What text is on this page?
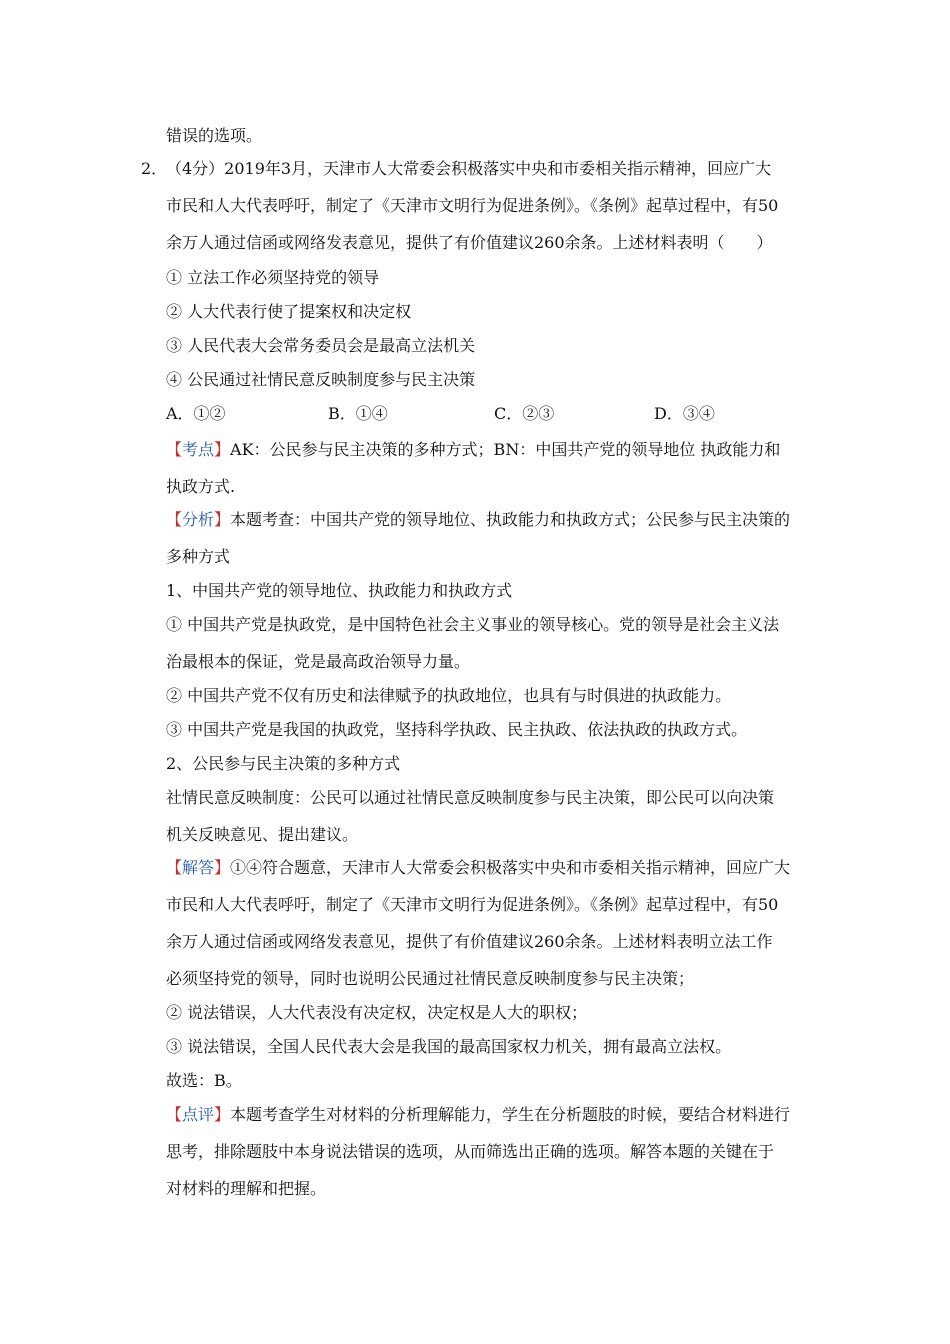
错误的选项。
2．
（4分）2019年3月，天津市人大常委会积极落实中央和市委相关指示精神，回应广大
市民和人大代表呼吁，制定了《天津市文明行为促进条例》。《条例》起草过程中，有50
余万人通过信函或网络发表意见，提供了有价值建议260余条。上述材料表明（　　）
① 立法工作必须坚持党的领导
② 人大代表行使了提案权和决定权
③ 人民代表大会常务委员会是最高立法机关
④ 公民通过社情民意反映制度参与民主决策
A．①②	B．①④	C．②③	D．③④
【考点】AK：公民参与民主决策的多种方式；BN：中国共产党的领导地位 执政能力和
执政方式.
【分析】本题考查：中国共产党的领导地位、执政能力和执政方式；公民参与民主决策的
多种方式
1、中国共产党的领导地位、执政能力和执政方式
① 中国共产党是执政党，是中国特色社会主义事业的领导核心。党的领导是社会主义法
治最根本的保证，党是最高政治领导力量。
② 中国共产党不仅有历史和法律赋予的执政地位，也具有与时俱进的执政能力。
③ 中国共产党是我国的执政党，坚持科学执政、民主执政、依法执政的执政方式。
2、公民参与民主决策的多种方式
社情民意反映制度：公民可以通过社情民意反映制度参与民主决策，即公民可以向决策
机关反映意见、提出建议。
【解答】①④符合题意，天津市人大常委会积极落实中央和市委相关指示精神，回应广大
市民和人大代表呼吁，制定了《天津市文明行为促进条例》。《条例》起草过程中，有50
余万人通过信函或网络发表意见，提供了有价值建议260余条。上述材料表明立法工作
必须坚持党的领导，同时也说明公民通过社情民意反映制度参与民主决策；
② 说法错误，人大代表没有决定权，决定权是人大的职权；
③ 说法错误，全国人民代表大会是我国的最高国家权力机关，拥有最高立法权。
故选：B。
【点评】本题考查学生对材料的分析理解能力，学生在分析题肢的时候，要结合材料进行
思考，排除题肢中本身说法错误的选项，从而筛选出正确的选项。解答本题的关键在于
对材料的理解和把握。
